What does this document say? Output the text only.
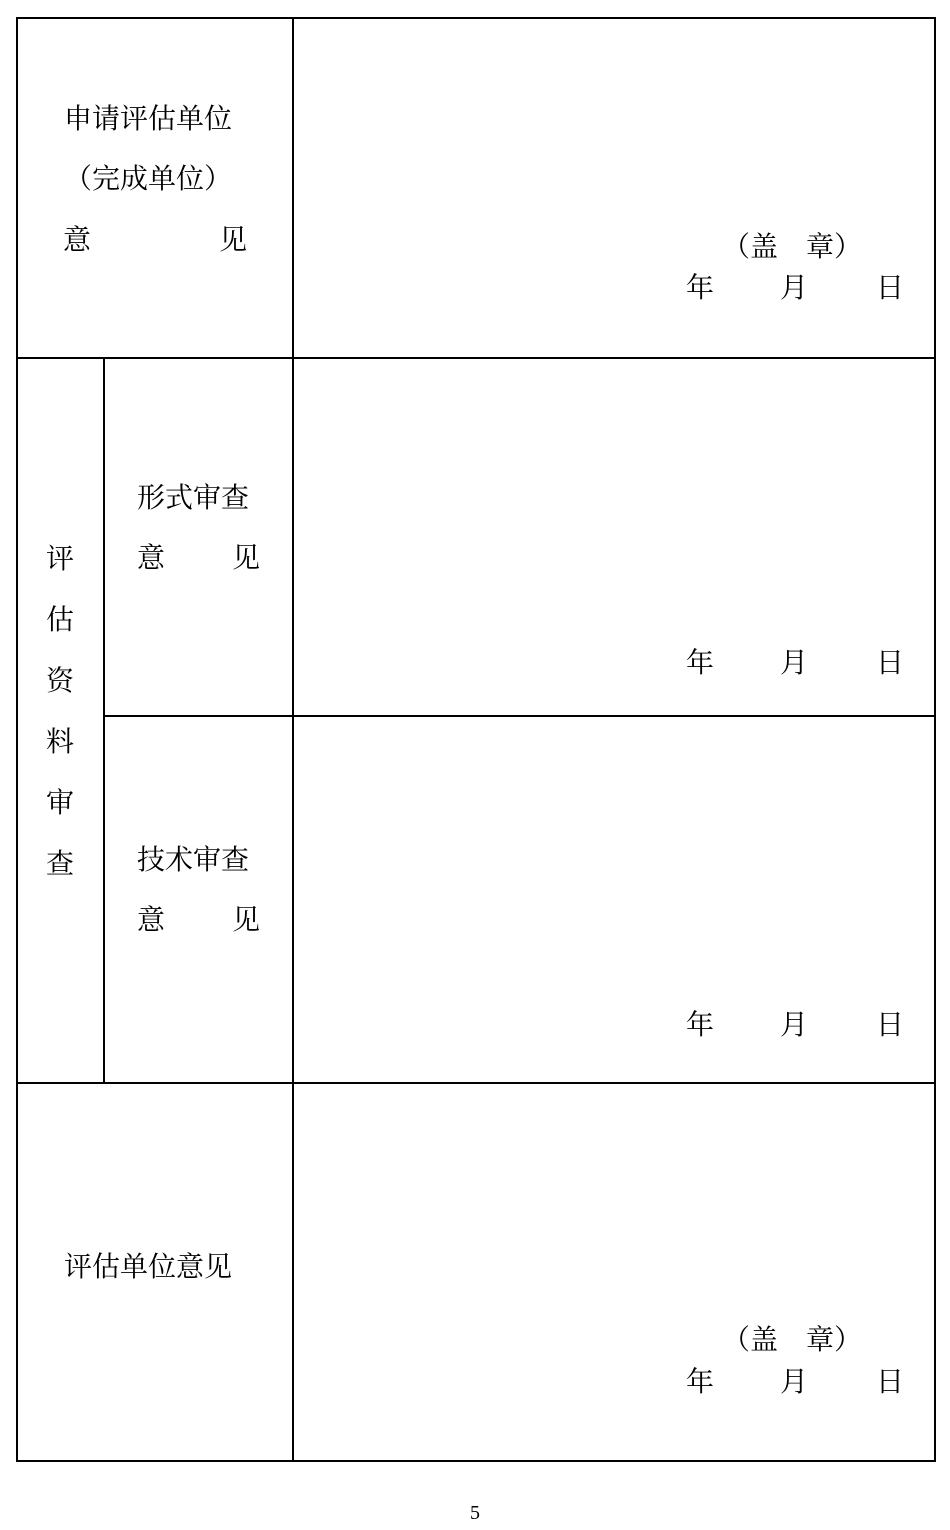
申请评估单位
（完成单位）
意	见	（盖　章）
年 月 日
评
估
资
料
审
查
形式审查
意 见
年 月 日
技术审查
意 见
年 月 日
评估单位意见
（盖　章）
年 月 日
5
